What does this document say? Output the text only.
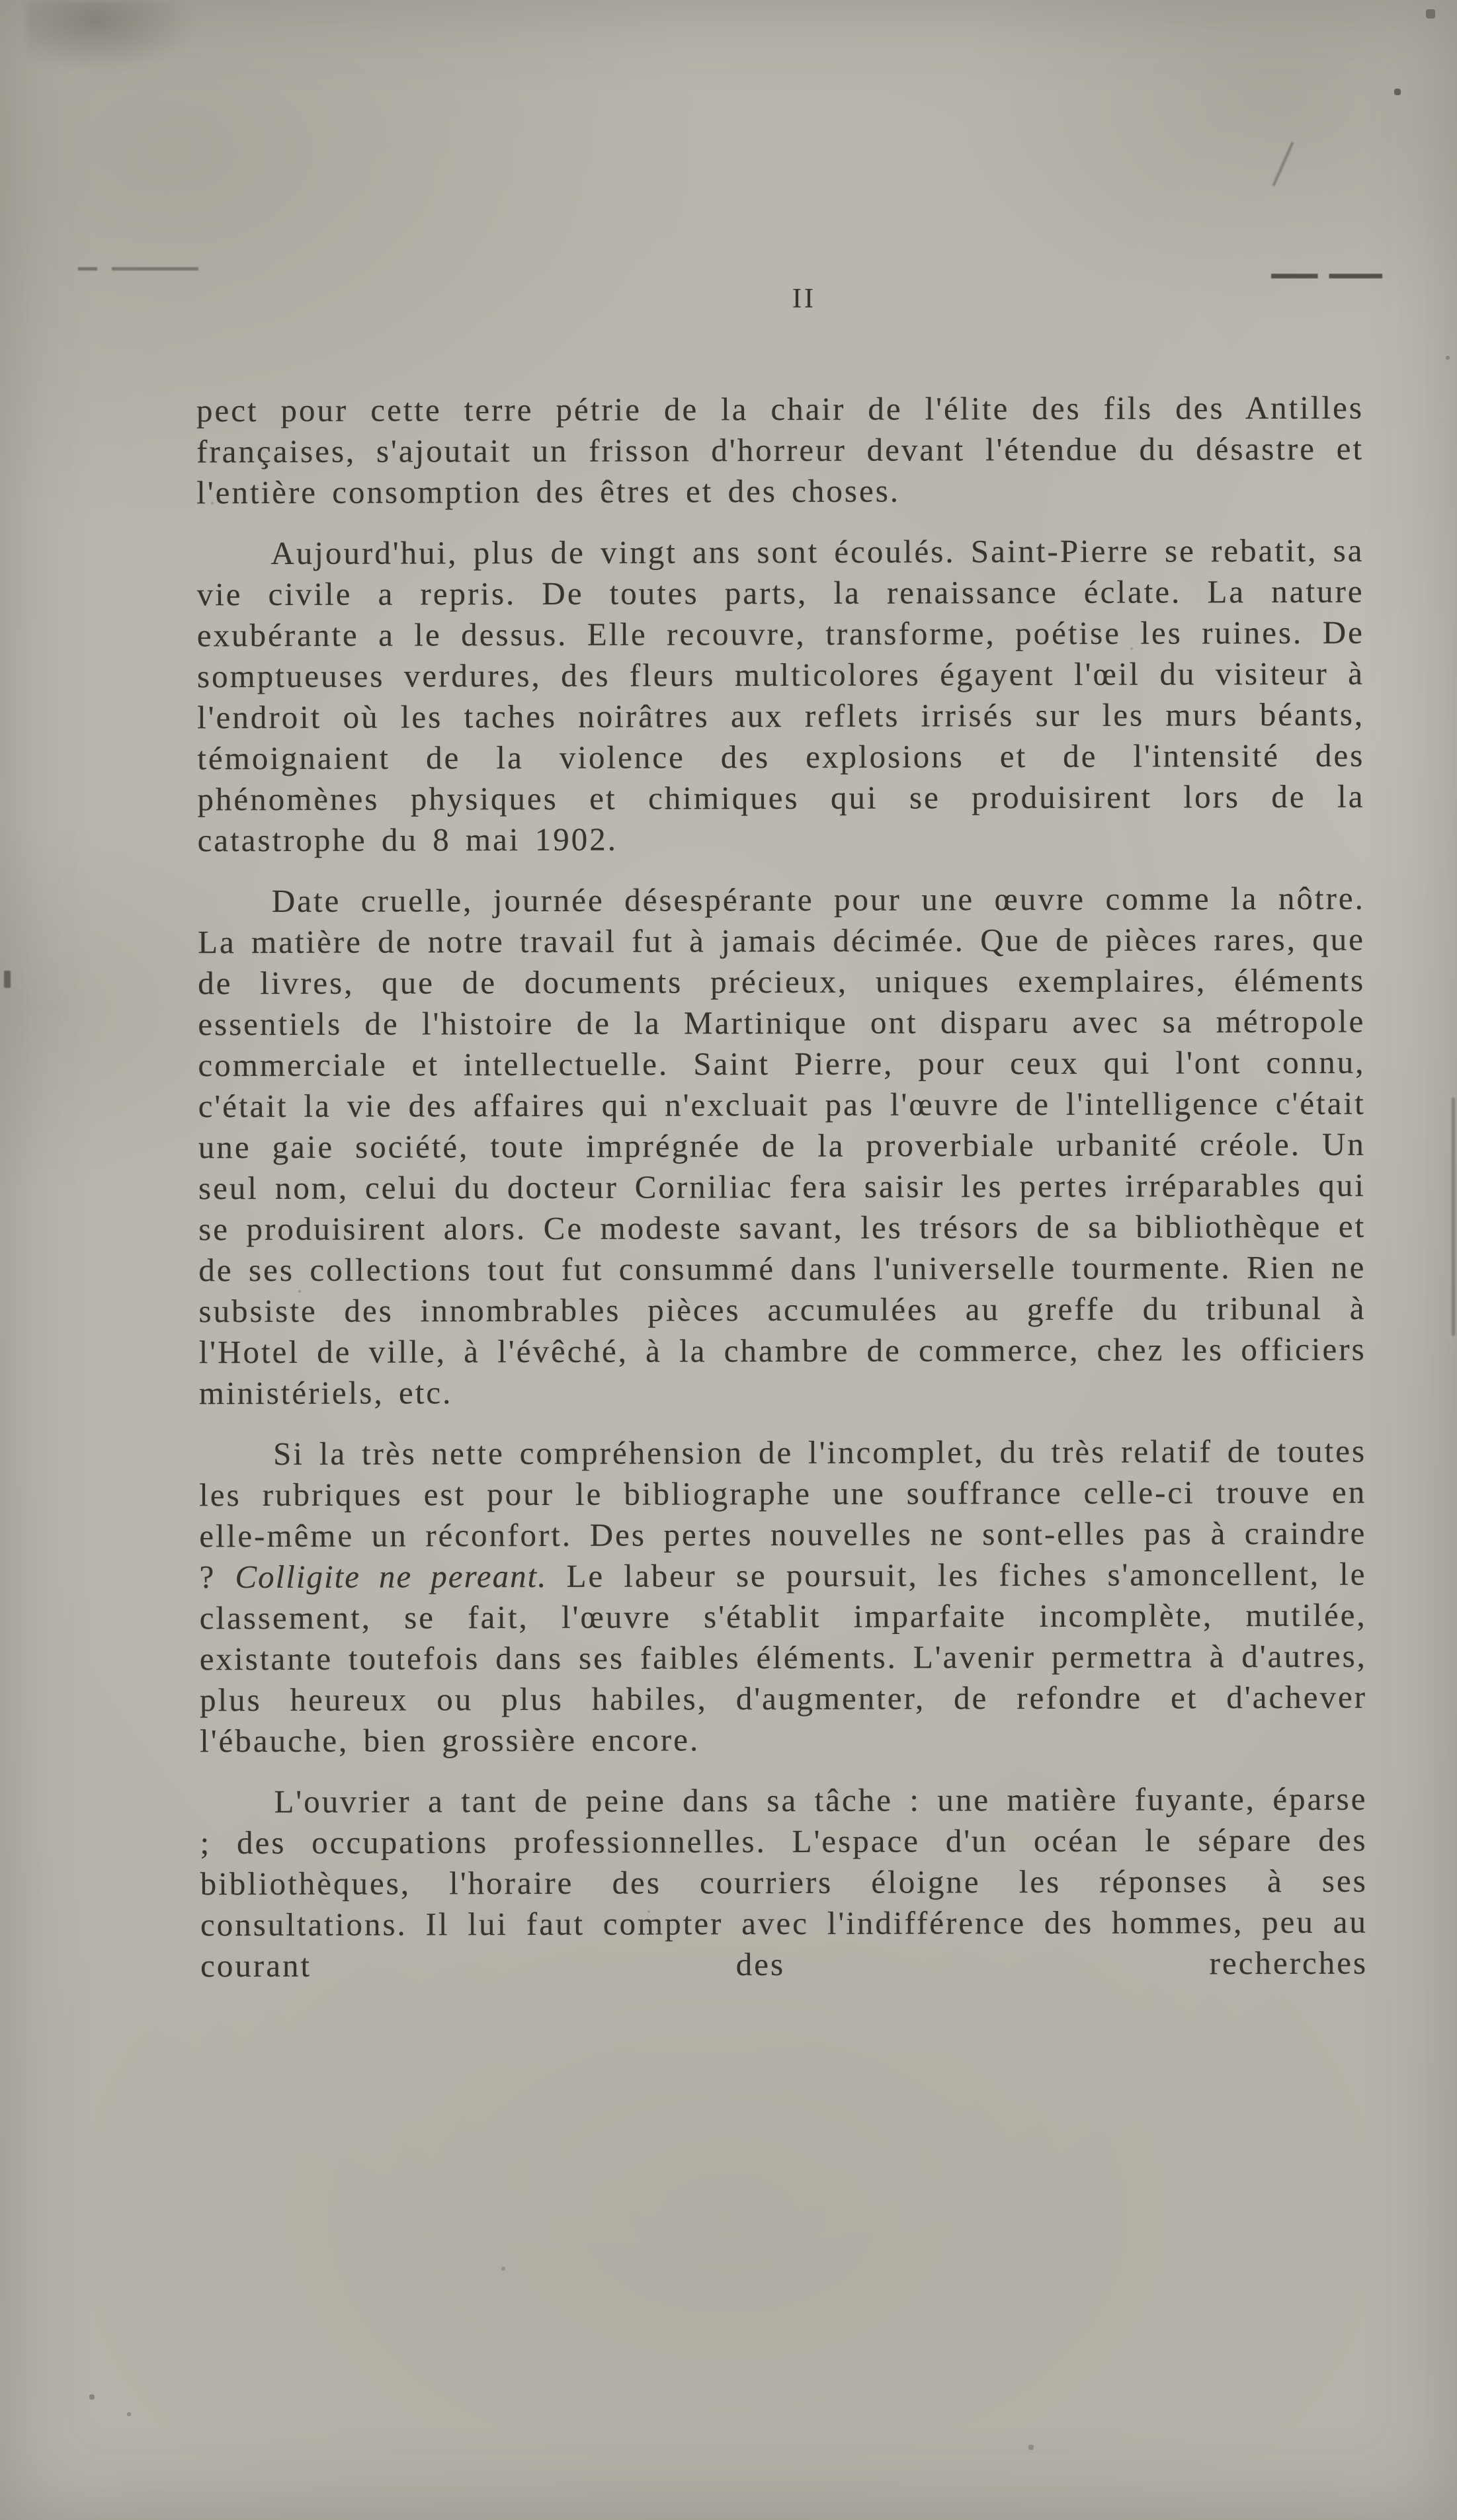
II

pect pour cette terre pétrie de la chair de l'élite des fils des Antilles françaises, s'ajoutait un frisson d'horreur devant l'étendue du désastre et l'entière consomption des êtres et des choses.

Aujourd'hui, plus de vingt ans sont écoulés. Saint-Pierre se rebatit, sa vie civile a repris. De toutes parts, la renaissance éclate. La nature exubérante a le dessus. Elle recouvre, transforme, poétise les ruines. De somptueuses verdures, des fleurs multicolores égayent l'œil du visiteur à l'endroit où les taches noirâtres aux reflets irrisés sur les murs béants, témoignaient de la violence des explosions et de l'intensité des phénomènes physiques et chimiques qui se produisirent lors de la catastrophe du 8 mai 1902.

Date cruelle, journée désespérante pour une œuvre comme la nôtre. La matière de notre travail fut à jamais décimée. Que de pièces rares, que de livres, que de documents précieux, uniques exemplaires, éléments essentiels de l'histoire de la Martinique ont disparu avec sa métropole commerciale et intellectuelle. Saint Pierre, pour ceux qui l'ont connu, c'était la vie des affaires qui n'excluait pas l'œuvre de l'intelligence c'était une gaie société, toute imprégnée de la proverbiale urbanité créole. Un seul nom, celui du docteur Corniliac fera saisir les pertes irréparables qui se produisirent alors. Ce modeste savant, les trésors de sa bibliothèque et de ses collections tout fut consummé dans l'universelle tourmente. Rien ne subsiste des innombrables pièces accumulées au greffe du tribunal à l'Hotel de ville, à l'évêché, à la chambre de commerce, chez les officiers ministériels, etc.

Si la très nette compréhension de l'incomplet, du très relatif de toutes les rubriques est pour le bibliographe une souffrance celle-ci trouve en elle-même un réconfort. Des pertes nouvelles ne sont-elles pas à craindre ? Colligite ne pereant. Le labeur se poursuit, les fiches s'amoncellent, le classement, se fait, l'œuvre s'établit imparfaite incomplète, mutilée, existante toutefois dans ses faibles éléments. L'avenir permettra à d'autres, plus heureux ou plus habiles, d'augmenter, de refondre et d'achever l'ébauche, bien grossière encore.

L'ouvrier a tant de peine dans sa tâche : une matière fuyante, éparse ; des occupations professionnelles. L'espace d'un océan le sépare des bibliothèques, l'horaire des courriers éloigne les réponses à ses consultations. Il lui faut compter avec l'indifférence des hommes, peu au courant des recherches
